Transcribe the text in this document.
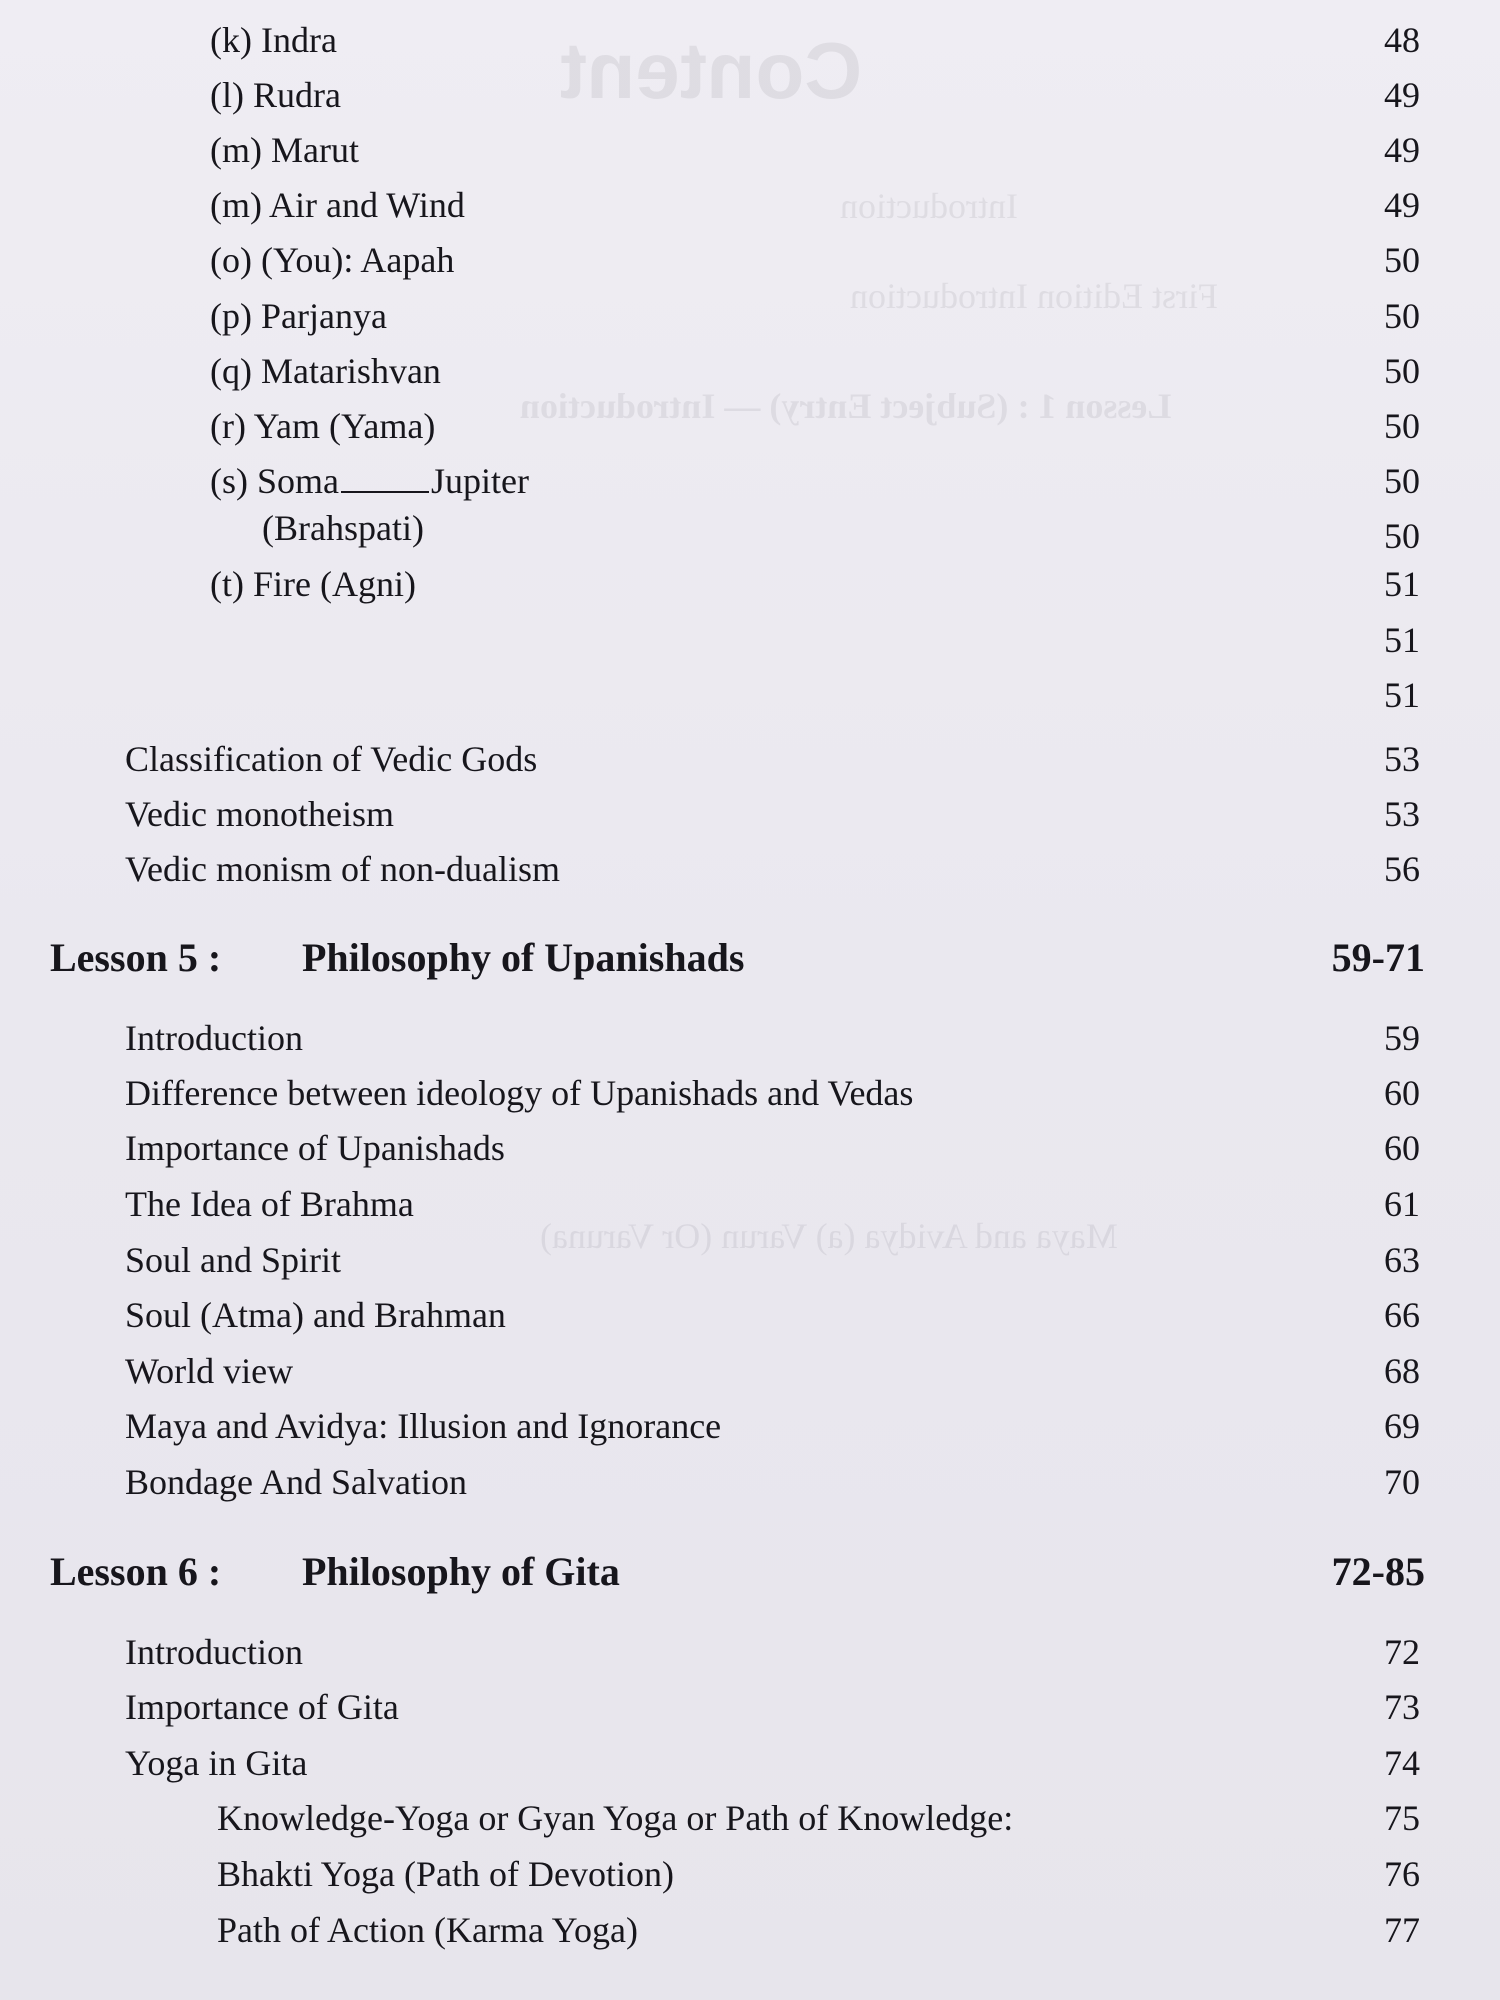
Content
Introduction
First Edition Introduction
Lesson 1 : (Subject Entry) — Introduction
Maya and Avidya (a) Varun (Or Varuna)
(k) Indra	48
(l) Rudra	49
(m) Marut	49
(m) Air and Wind	49
(o) (You): Aapah	50
(p) Parjanya	50
(q) Matarishvan	50
(r) Yam (Yama)	50
(s) Soma	Jupiter	50
(Brahspati)	50
(t) Fire (Agni)	51
51
51
Classification of Vedic Gods	53
Vedic monotheism	53
Vedic monism of non-dualism	56
Lesson 5 : Philosophy of Upanishads	59-71
Introduction	59
Difference between ideology of Upanishads and Vedas	60
Importance of Upanishads	60
The Idea of Brahma	61
Soul and Spirit	63
Soul (Atma) and Brahman	66
World view	68
Maya and Avidya: Illusion and Ignorance	69
Bondage And Salvation	70
Lesson 6 : Philosophy of Gita	72-85
Introduction	72
Importance of Gita	73
Yoga in Gita	74
Knowledge-Yoga or Gyan Yoga or Path of Knowledge:	75
Bhakti Yoga (Path of Devotion)	76
Path of Action (Karma Yoga)	77
